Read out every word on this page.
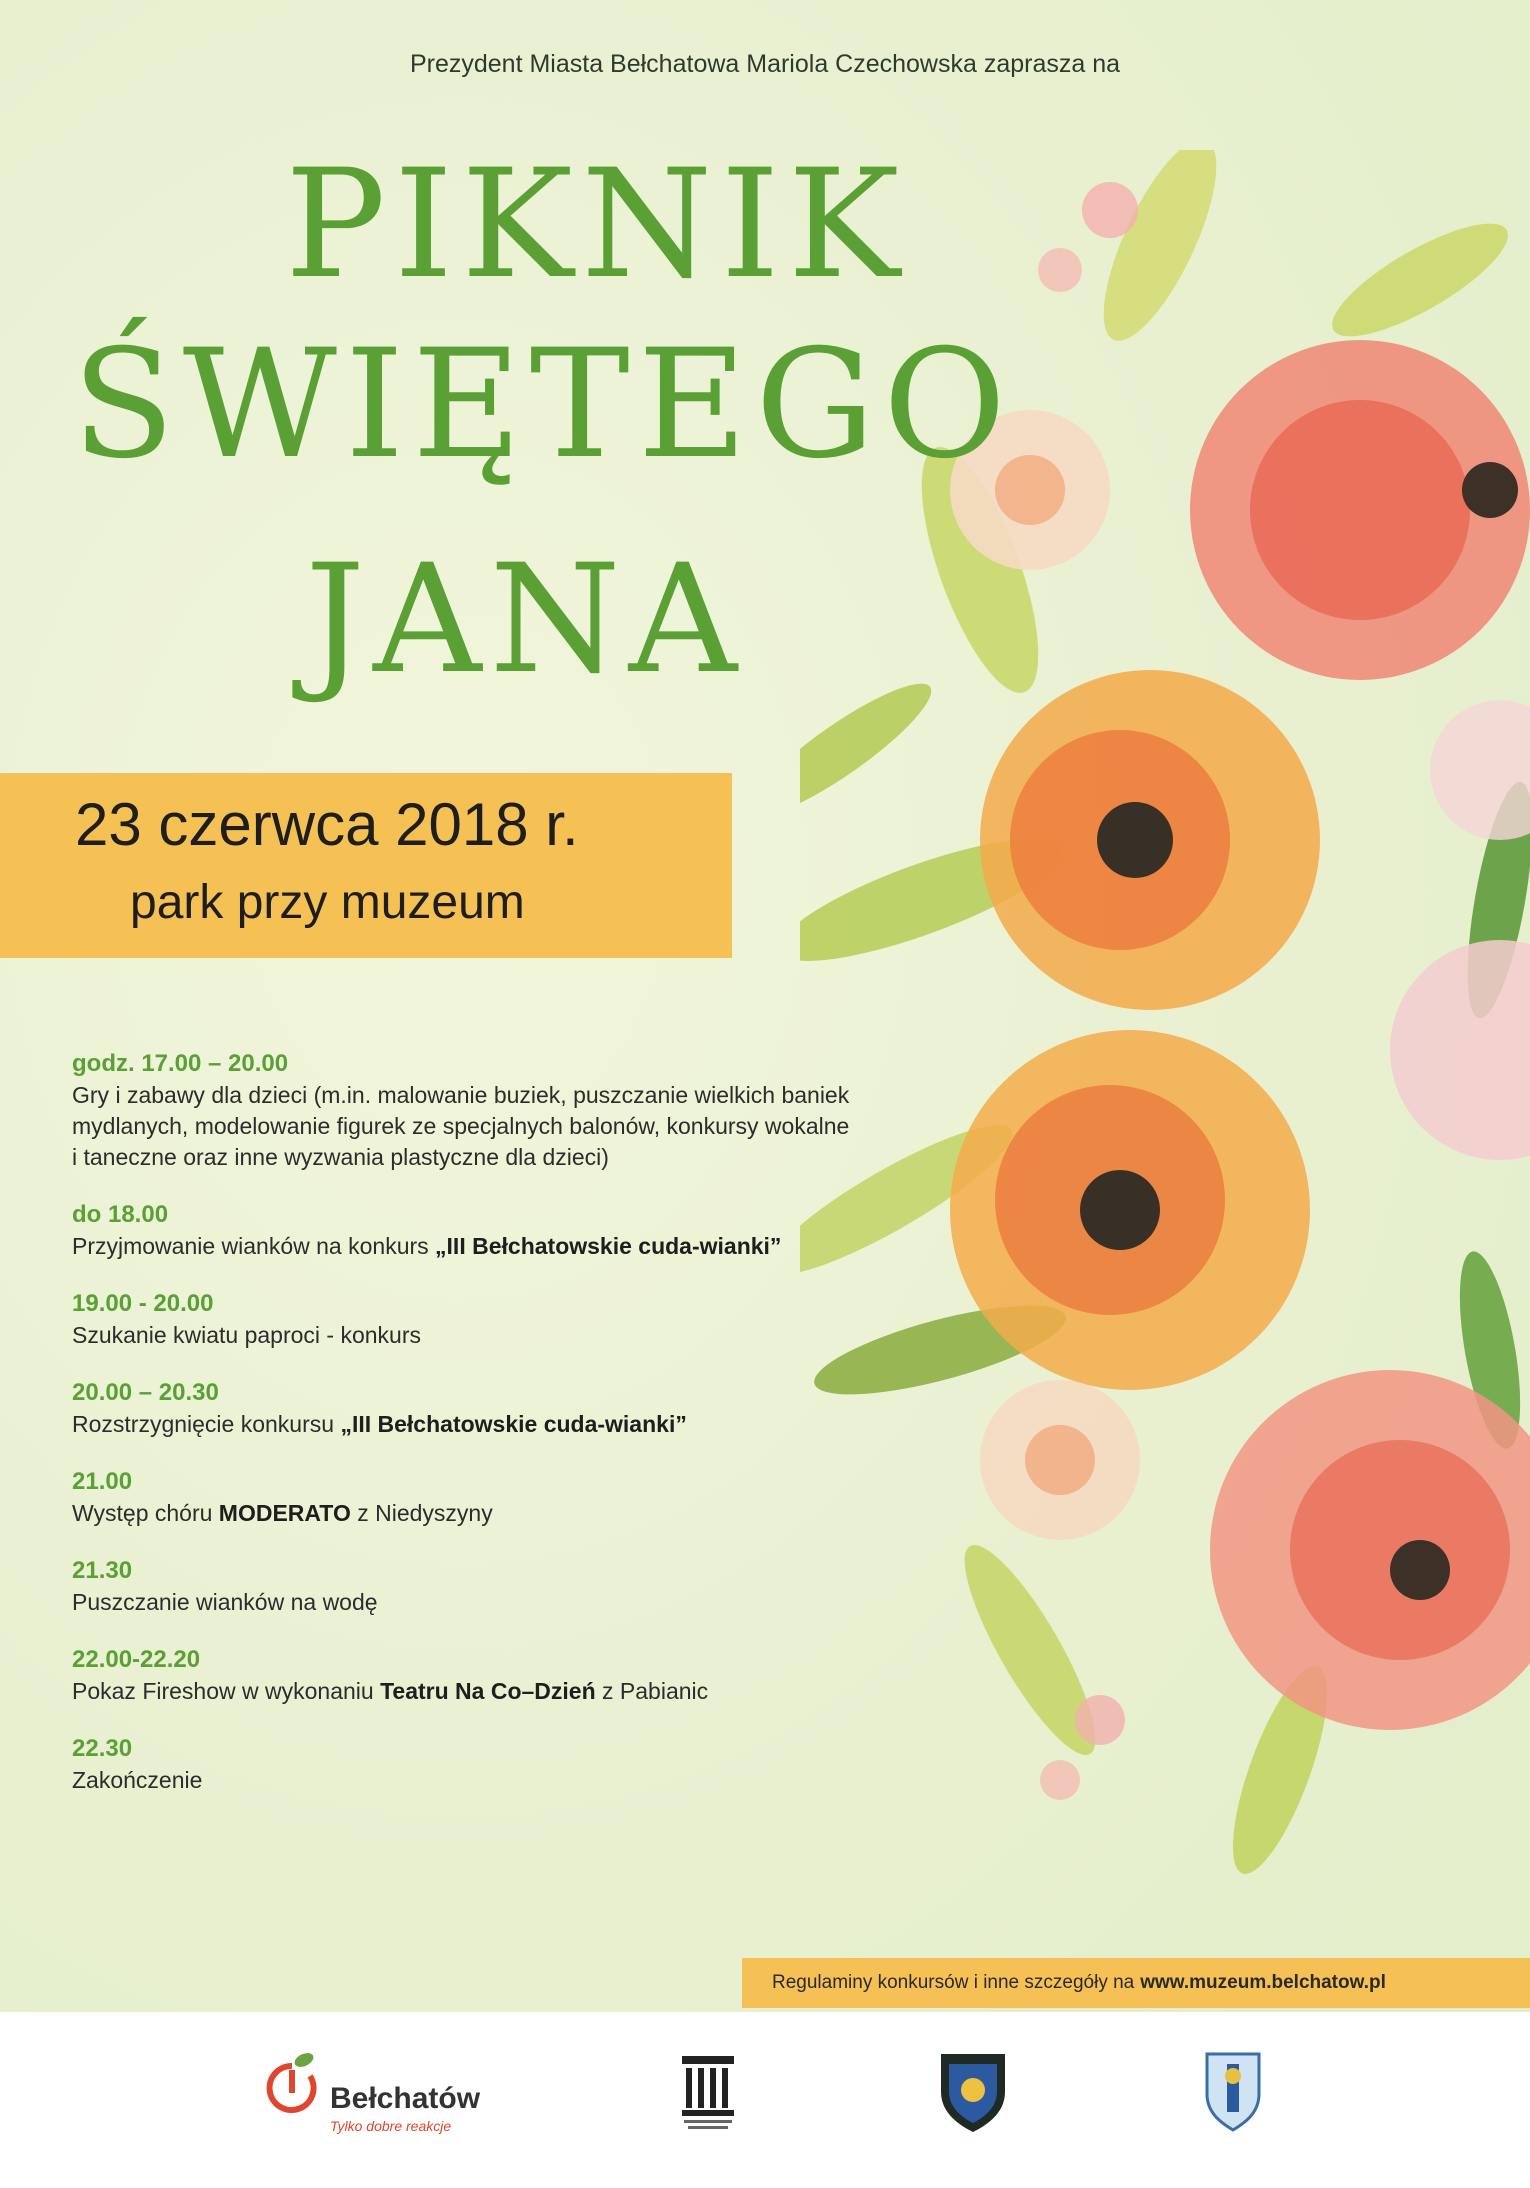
Prezydent Miasta Bełchatowa Mariola Czechowska zaprasza na
PIKNIK
ŚWIĘTEGO
JANA
23 czerwca 2018 r.
park przy muzeum
godz. 17.00 – 20.00
Gry i zabawy dla dzieci (m.in. malowanie buziek, puszczanie wielkich baniek mydlanych, modelowanie figurek ze specjalnych balonów, konkursy wokalne i taneczne oraz inne wyzwania plastyczne dla dzieci)
do 18.00
Przyjmowanie wianków na konkurs „III Bełchatowskie cuda-wianki”
19.00 - 20.00
Szukanie kwiatu paproci - konkurs
20.00 – 20.30
Rozstrzygnięcie konkursu „III Bełchatowskie cuda-wianki”
21.00
Występ chóru MODERATO z Niedyszyny
21.30
Puszczanie wianków na wodę
22.00-22.20
Pokaz Fireshow w wykonaniu Teatru Na Co–Dzień z Pabianic
22.30
Zakończenie
Regulaminy konkursów i inne szczegóły na www.muzeum.belchatow.pl
Bełchatów
Tylko dobre reakcje
